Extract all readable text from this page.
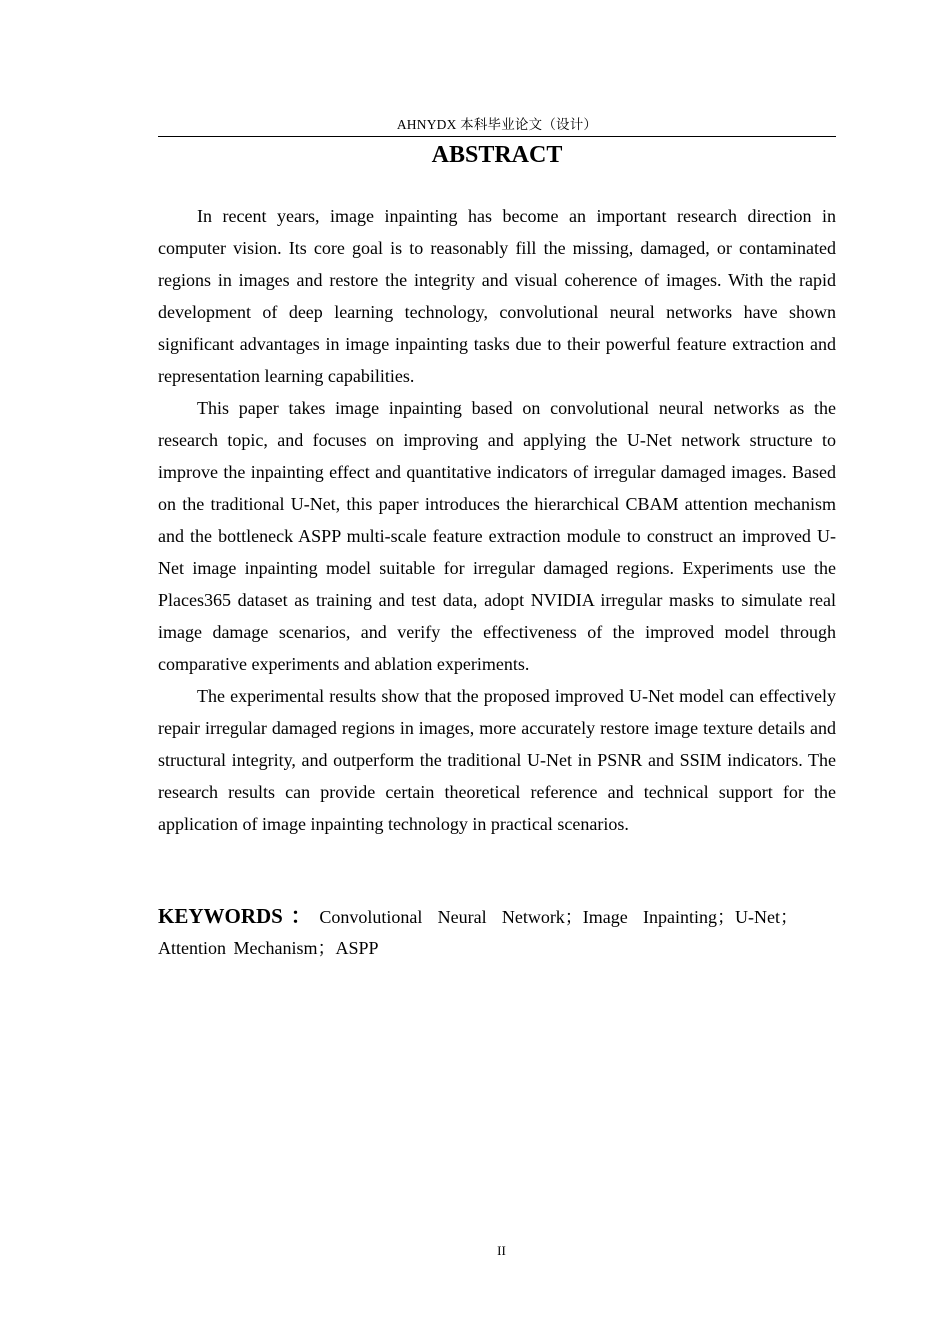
AHNYDX 本科毕业论文（设计）
ABSTRACT

In recent years, image inpainting has become an important research direction in computer vision. Its core goal is to reasonably fill the missing, damaged, or contaminated regions in images and restore the integrity and visual coherence of images. With the rapid development of deep learning technology, convolutional neural networks have shown significant advantages in image inpainting tasks due to their powerful feature extraction and representation learning capabilities.

This paper takes image inpainting based on convolutional neural networks as the research topic, and focuses on improving and applying the U-Net network structure to improve the inpainting effect and quantitative indicators of irregular damaged images. Based on the traditional U-Net, this paper introduces the hierarchical CBAM attention mechanism and the bottleneck ASPP multi-scale feature extraction module to construct an improved U-Net image inpainting model suitable for irregular damaged regions. Experiments use the Places365 dataset as training and test data, adopt NVIDIA irregular masks to simulate real image damage scenarios, and verify the effectiveness of the improved model through comparative experiments and ablation experiments.

The experimental results show that the proposed improved U-Net model can effectively repair irregular damaged regions in images, more accurately restore image texture details and structural integrity, and outperform the traditional U-Net in PSNR and SSIM indicators. The research results can provide certain theoretical reference and technical support for the application of image inpainting technology in practical scenarios.

KEYWORDS：Convolutional Neural Network；Image Inpainting；U-Net；Attention Mechanism；ASPP
II
